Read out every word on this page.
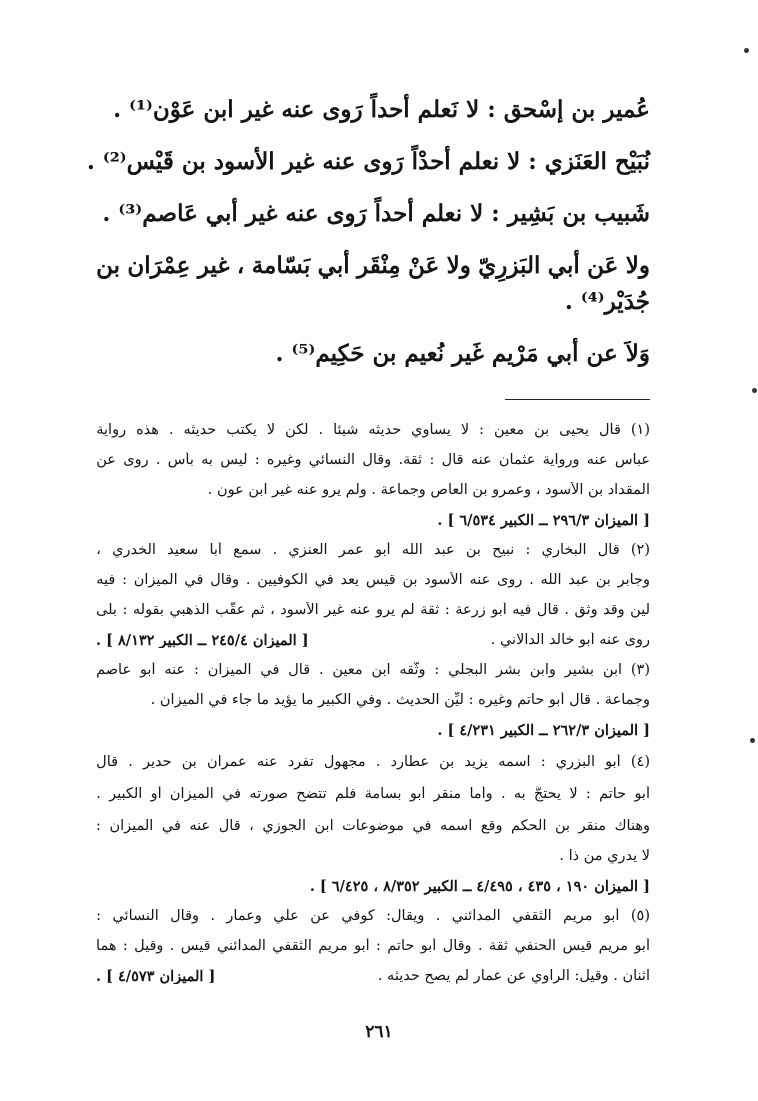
عُمير بن إسْحق : لا نَعلم أحداً رَوى عنه غير ابن عَوْن⁽¹⁾ .
نُبَيْح العَنَزي : لا نعلم أحدْاً رَوى عنه غير الأسود بن قَيْس⁽²⁾ .
شَبيب بن بَشِير : لا نعلم أحداً رَوى عنه غير أبي عَاصم⁽³⁾ .
ولا
عَن
أبي
البَزرِيّ
ولا
عَنْ
مِنْقَر
أبي
بَسّامة
،
غير
عِمْرَان
بن
جُدَيْر⁽⁴⁾ .
وَلاَ عن أبي مَرْيم غَير نُعيم بن حَكِيم⁽⁵⁾ .
(١)
قال
يحيى
بن
معين
:
لا
يساوي
حديثه
شيئاً
.
لكن
لا
يكتب
حديثه
.
هذه
رواية
عباس
عنه
ورواية
عثمان
عنه
قال
:
ثقة.
وقال
النسائي
وغيره
:
ليس
به
بأس
.
روى
عن
المقداد بن الأسود ، وعمرو بن العاص وجماعة . ولم يرو عنه غير ابن عون .
[ الميزان ٢٩٦/٣ ــ الكبير ٦/٥٣٤ ] .
(٢)
قال
البخاري
:
نبيح
بن
عبد
الله
أبو
عمر
العنزي
.
سمع
أبا
سعيد
الخدري
،
وجابر
بن
عبد
الله
.
روى
عنه
الأسود
بن
قيس
يعد
في
الكوفيين
.
وقال
في
الميزان
:
فيه
لين
وقد
وثق
.
قال
فيه
أبو
زرعة
:
ثقة
لم
يرو
عنه
غير
الأسود
،
ثم
عقَّب
الذهبي
بقوله
:
بلى
روى عنه أبو خالد الدالاني .
[ الميزان ٢٤٥/٤ ــ الكبير ٨/١٣٢ ] .
(٣)
ابن
بشير
وابن
بشر
البجلي
:
وثّقه
ابن
معين
.
قال
في
الميزان
:
عنه
أبو
عاصم
وجماعة . قال أبو حاتم وغيره : ليِّن الحديث . وفي الكبير ما يؤيد ما جاء في الميزان .
[ الميزان ٢٦٢/٣ ــ الكبير ٤/٢٣١ ] .
(٤)
أبو
البزري
:
اسمه
يزيد
بن
عطارد
.
مجهول
تفرد
عنه
عمران
بن
حدير
.
قال
أبو
حاتم
:
لا
يحتجُّ
به
.
وأما
منقر
أبو
بسامة
فلم
تتضح
صورته
في
الميزان
أو
الكبير
.
وهناك
منقر
بن
الحكم
وقع
اسمه
في
موضوعات
ابن
الجوزي
،
قال
عنه
في
الميزان
:
لا يدري من ذا .
[ الميزان ١٩٠ ، ٤٣٥ ، ٤/٤٩٥ ــ الكبير ٨/٣٥٢ ، ٦/٤٢٥ ] .
(٥)
أبو
مريم
الثقفي
المدائني
.
ويقال:
كوفي
عن
علي
وعمار
.
وقال
النسائي
:
أبو
مريم
قيس
الحنفي
ثقة
.
وقال
أبو
حاتم
:
أبو
مريم
الثقفي
المدائني
قيس
.
وقيل
:
هما
اثنان . وقيل: الراوي عن عمار لم يصح حديثه .
[ الميزان ٤/٥٧٣ ] .
٢٦١
